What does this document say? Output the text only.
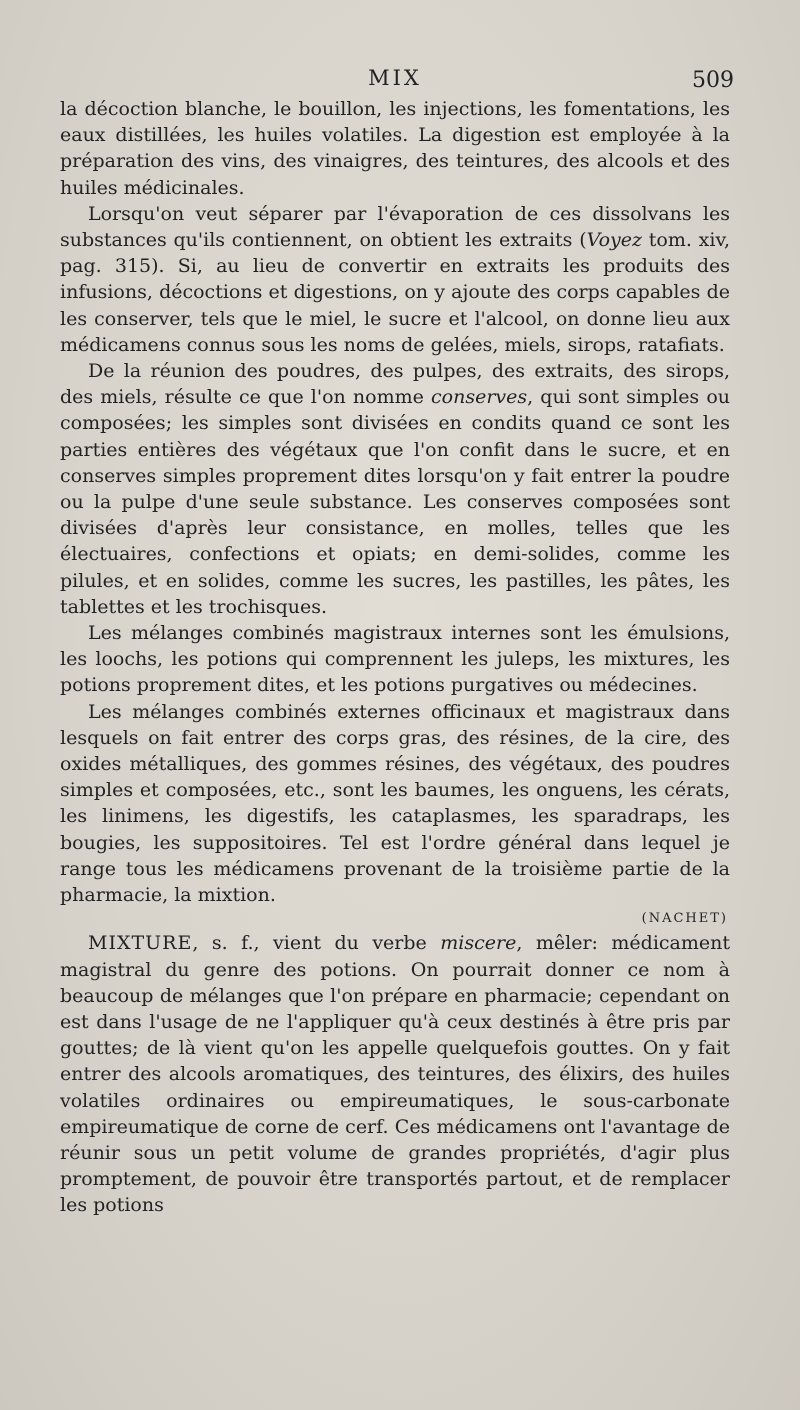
MIX	509

la décoction blanche, le bouillon, les injections, les fomentations, les eaux distillées, les huiles volatiles. La digestion est employée à la préparation des vins, des vinaigres, des teintures, des alcools et des huiles médicinales.

Lorsqu'on veut séparer par l'évaporation de ces dissolvans les substances qu'ils contiennent, on obtient les extraits (Voyez tom. xiv, pag. 315). Si, au lieu de convertir en extraits les produits des infusions, décoctions et digestions, on y ajoute des corps capables de les conserver, tels que le miel, le sucre et l'alcool, on donne lieu aux médicamens connus sous les noms de gelées, miels, sirops, ratafiats.

De la réunion des poudres, des pulpes, des extraits, des sirops, des miels, résulte ce que l'on nomme conserves, qui sont simples ou composées; les simples sont divisées en condits quand ce sont les parties entières des végétaux que l'on confit dans le sucre, et en conserves simples proprement dites lorsqu'on y fait entrer la poudre ou la pulpe d'une seule substance. Les conserves composées sont divisées d'après leur consistance, en molles, telles que les électuaires, confections et opiats; en demi-solides, comme les pilules, et en solides, comme les sucres, les pastilles, les pâtes, les tablettes et les trochisques.

Les mélanges combinés magistraux internes sont les émulsions, les loochs, les potions qui comprennent les juleps, les mixtures, les potions proprement dites, et les potions purgatives ou médecines.

Les mélanges combinés externes officinaux et magistraux dans lesquels on fait entrer des corps gras, des résines, de la cire, des oxides métalliques, des gommes résines, des végétaux, des poudres simples et composées, etc., sont les baumes, les onguens, les cérats, les linimens, les digestifs, les cataplasmes, les sparadraps, les bougies, les suppositoires. Tel est l'ordre général dans lequel je range tous les médicamens provenant de la troisième partie de la pharmacie, la mixtion.

(NACHET)

MIXTURE, s. f., vient du verbe miscere, mêler: médicament magistral du genre des potions. On pourrait donner ce nom à beaucoup de mélanges que l'on prépare en pharmacie; cependant on est dans l'usage de ne l'appliquer qu'à ceux destinés à être pris par gouttes; de là vient qu'on les appelle quelquefois gouttes. On y fait entrer des alcools aromatiques, des teintures, des élixirs, des huiles volatiles ordinaires ou empireumatiques, le sous-carbonate empireumatique de corne de cerf. Ces médicamens ont l'avantage de réunir sous un petit volume de grandes propriétés, d'agir plus promptement, de pouvoir être transportés partout, et de remplacer les potions
